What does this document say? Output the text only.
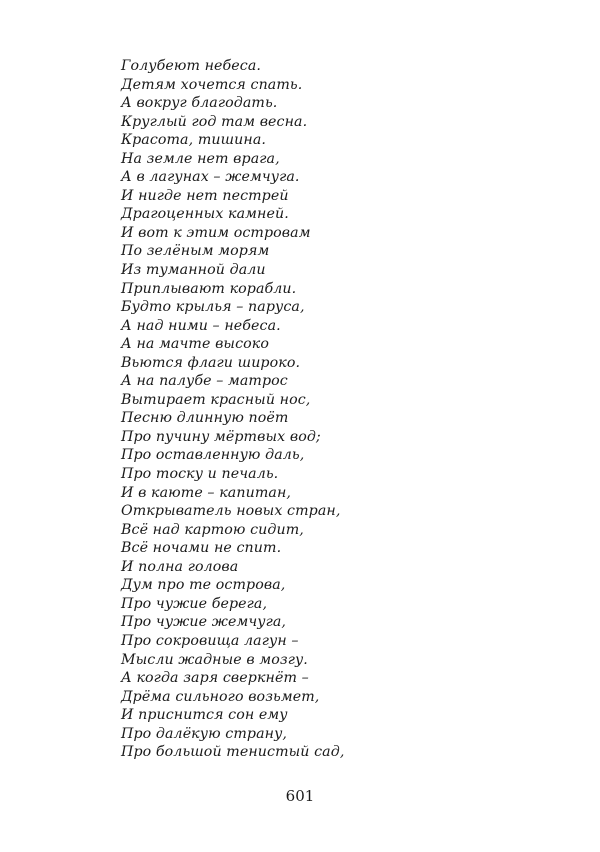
Голубеют небеса.
Детям хочется спать.
А вокруг благодать.
Круглый год там весна.
Красота, тишина.
На земле нет врага,
А в лагунах – жемчуга.
И нигде нет пестрей
Драгоценных камней.
И вот к этим островам
По зелёным морям
Из туманной дали
Приплывают корабли.
Будто крылья – паруса,
А над ними – небеса.
А на мачте высоко
Вьются флаги широко.
А на палубе – матрос
Вытирает красный нос,
Песню длинную поёт
Про пучину мёртвых вод;
Про оставленную даль,
Про тоску и печаль.
И в каюте – капитан,
Открыватель новых стран,
Всё над картою сидит,
Всё ночами не спит.
И полна голова
Дум про те острова,
Про чужие берега,
Про чужие жемчуга,
Про сокровища лагун –
Мысли жадные в мозгу.
А когда заря сверкнёт –
Дрёма сильного возьмет,
И приснится сон ему
Про далёкую страну,
Про большой тенистый сад,
601
